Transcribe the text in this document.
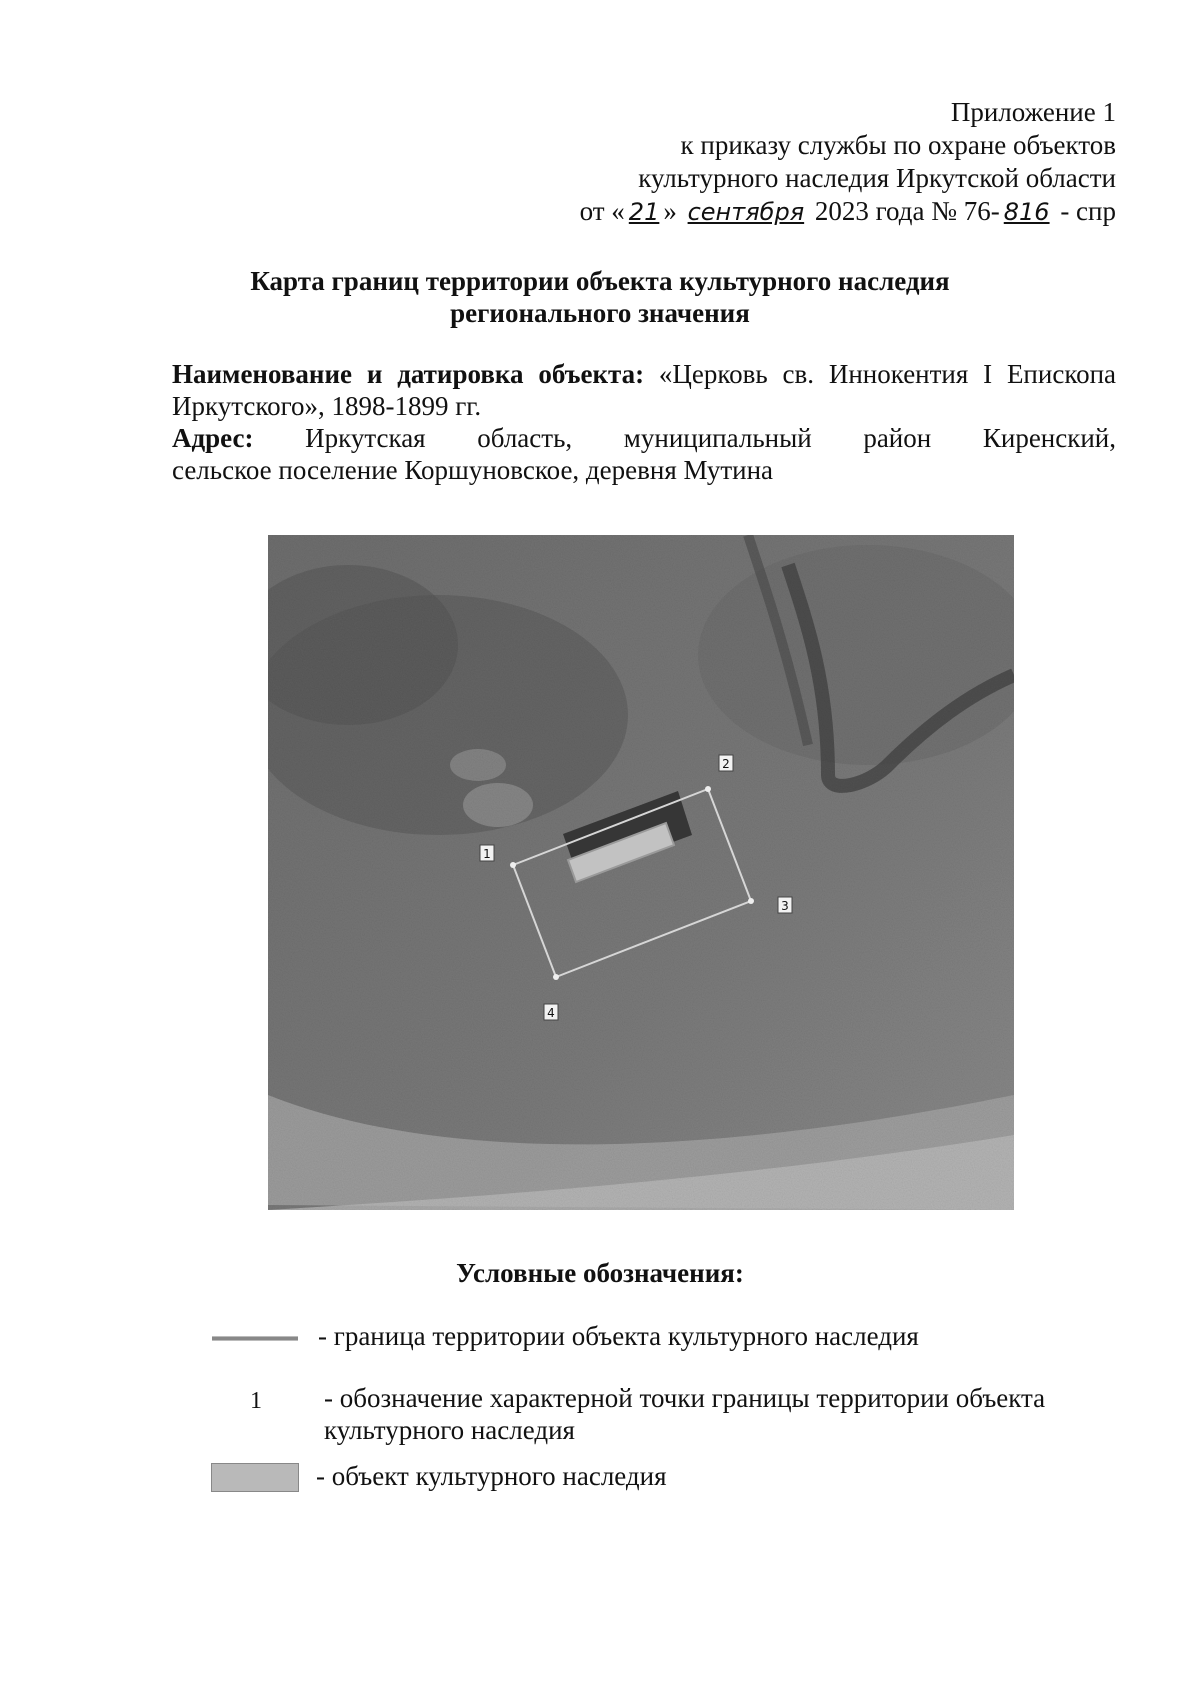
Приложение 1
к приказу службы по охране объектов
культурного наследия Иркутской области
от « 21 » сентября 2023 года № 76- 816 - спр
Карта границ территории объекта культурного наследия
регионального значения

Наименование и датировка объекта: «Церковь св. Иннокентия I Епископа Иркутского», 1898-1899 гг.

Адрес: Иркутская область, муниципальный район Киренский,

сельское поселение Коршуновское, деревня Мутина

1
2
3
4
Условные обозначения:
- граница территории объекта культурного наследия
1 - обозначение характерной точки границы территории объекта
культурного наследия
- объект культурного наследия
